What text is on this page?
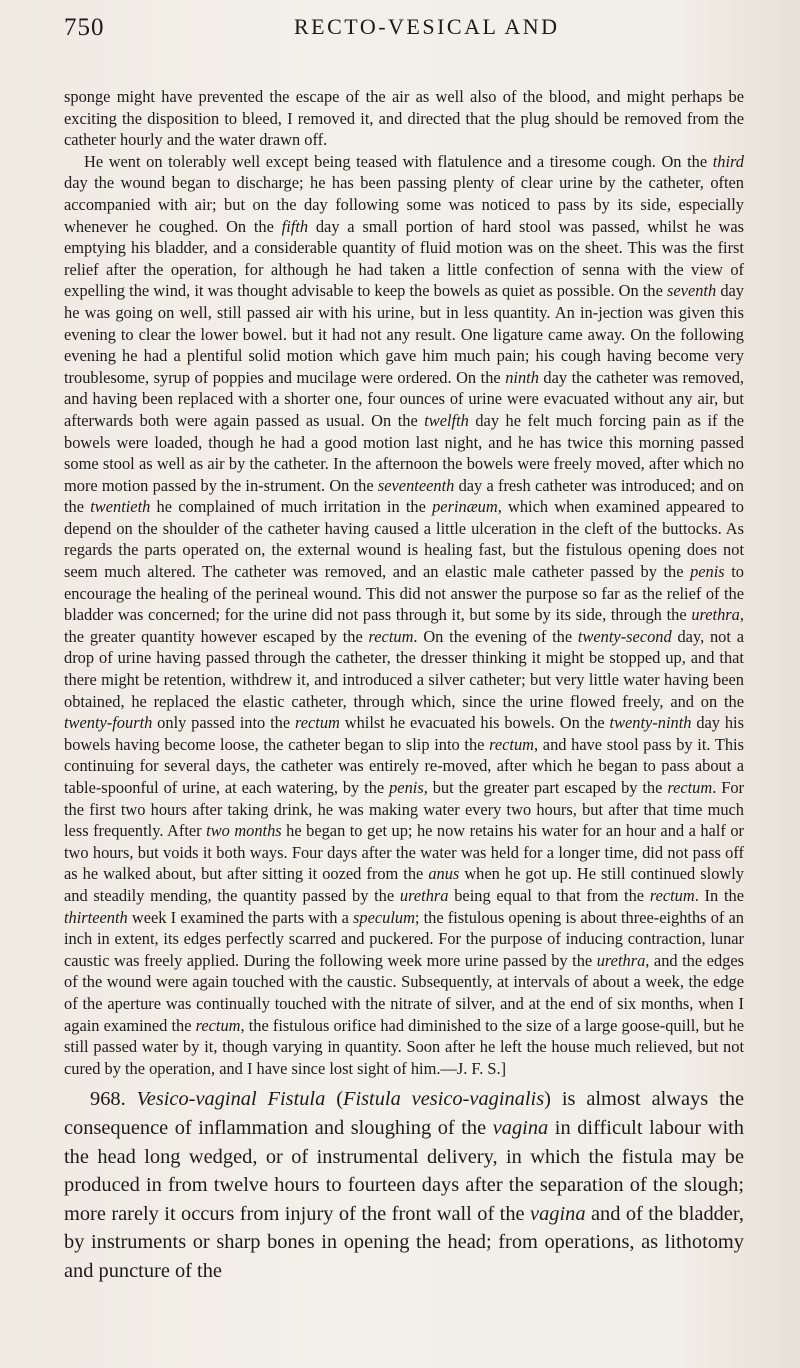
750	RECTO-VESICAL AND

sponge might have prevented the escape of the air as well also of the blood, and might perhaps be exciting the disposition to bleed, I removed it, and directed that the plug should be removed from the catheter hourly and the water drawn off.

He went on tolerably well except being teased with flatulence and a tiresome cough. On the third day the wound began to discharge; he has been passing plenty of clear urine by the catheter, often accompanied with air; but on the day following some was noticed to pass by its side, especially whenever he coughed. On the fifth day a small portion of hard stool was passed, whilst he was emptying his bladder, and a considerable quantity of fluid motion was on the sheet. This was the first relief after the operation, for although he had taken a little confection of senna with the view of expelling the wind, it was thought advisable to keep the bowels as quiet as possible. On the seventh day he was going on well, still passed air with his urine, but in less quantity. An in-jection was given this evening to clear the lower bowel. but it had not any result. One ligature came away. On the following evening he had a plentiful solid motion which gave him much pain; his cough having become very troublesome, syrup of poppies and mucilage were ordered. On the ninth day the catheter was removed, and having been replaced with a shorter one, four ounces of urine were evacuated without any air, but afterwards both were again passed as usual. On the twelfth day he felt much forcing pain as if the bowels were loaded, though he had a good motion last night, and he has twice this morning passed some stool as well as air by the catheter. In the afternoon the bowels were freely moved, after which no more motion passed by the in-strument. On the seventeenth day a fresh catheter was introduced; and on the twentieth he complained of much irritation in the perinæum, which when examined appeared to depend on the shoulder of the catheter having caused a little ulceration in the cleft of the buttocks. As regards the parts operated on, the external wound is healing fast, but the fistulous opening does not seem much altered. The catheter was removed, and an elastic male catheter passed by the penis to encourage the healing of the perineal wound. This did not answer the purpose so far as the relief of the bladder was concerned; for the urine did not pass through it, but some by its side, through the urethra, the greater quantity however escaped by the rectum. On the evening of the twenty-second day, not a drop of urine having passed through the catheter, the dresser thinking it might be stopped up, and that there might be retention, withdrew it, and introduced a silver catheter; but very little water having been obtained, he replaced the elastic catheter, through which, since the urine flowed freely, and on the twenty-fourth only passed into the rectum whilst he evacuated his bowels. On the twenty-ninth day his bowels having become loose, the catheter began to slip into the rectum, and have stool pass by it. This continuing for several days, the catheter was entirely re-moved, after which he began to pass about a table-spoonful of urine, at each watering, by the penis, but the greater part escaped by the rectum. For the first two hours after taking drink, he was making water every two hours, but after that time much less frequently. After two months he began to get up; he now retains his water for an hour and a half or two hours, but voids it both ways. Four days after the water was held for a longer time, did not pass off as he walked about, but after sitting it oozed from the anus when he got up. He still continued slowly and steadily mending, the quantity passed by the urethra being equal to that from the rectum. In the thirteenth week I examined the parts with a speculum; the fistulous opening is about three-eighths of an inch in extent, its edges perfectly scarred and puckered. For the purpose of inducing contraction, lunar caustic was freely applied. During the following week more urine passed by the urethra, and the edges of the wound were again touched with the caustic. Subsequently, at intervals of about a week, the edge of the aperture was continually touched with the nitrate of silver, and at the end of six months, when I again examined the rectum, the fistulous orifice had diminished to the size of a large goose-quill, but he still passed water by it, though varying in quantity. Soon after he left the house much relieved, but not cured by the operation, and I have since lost sight of him.—J. F. S.]

968. Vesico-vaginal Fistula (Fistula vesico-vaginalis) is almost always the consequence of inflammation and sloughing of the vagina in difficult labour with the head long wedged, or of instrumental delivery, in which the fistula may be produced in from twelve hours to fourteen days after the separation of the slough; more rarely it occurs from injury of the front wall of the vagina and of the bladder, by instruments or sharp bones in opening the head; from operations, as lithotomy and puncture of the
